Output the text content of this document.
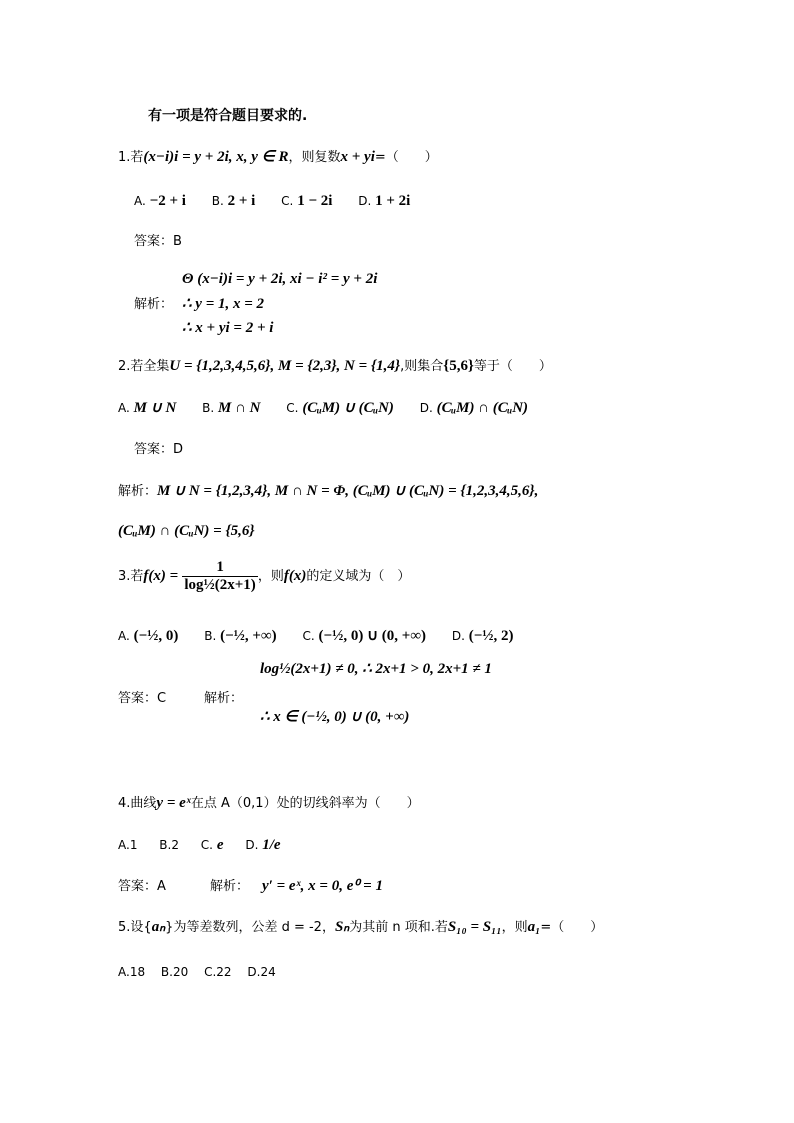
有一项是符合题目要求的.
1.若(x−i)i = y + 2i, x, y ∈ R，则复数x + yi=（　　）
A. −2 + i B. 2 + i C. 1 − 2i D. 1 + 2i
答案：B
Θ (x−i)i = y + 2i, xi − i² = y + 2i
解析： ∴ y = 1, x = 2
∴ x + yi = 2 + i
2.若全集U = {1,2,3,4,5,6}, M = {2,3}, N = {1,4},则集合{5,6}等于（　　）
A. M ∪ N B. M ∩ N C. (CᵤM) ∪ (CᵤN) D. (CᵤM) ∩ (CᵤN)
答案：D
解析：M ∪ N = {1,2,3,4}, M ∩ N = Φ, (CᵤM) ∪ (CᵤN) = {1,2,3,4,5,6},
(CᵤM) ∩ (CᵤN) = {5,6}
3.若$f(x) = \frac{1}{\text{log½(2x+1)}}$ ，则f(x)的定义域为（　）
A. (−½, 0) B. (−½, +∞) C. (−½, 0) ∪ (0, +∞) D. (−½, 2)
log½(2x+1) ≠ 0, ∴ 2x+1 > 0, 2x+1 ≠ 1
答案：C	解析：
∴ x ∈ (−½, 0) ∪ (0, +∞)
4.曲线y = eˣ在点 A（0,1）处的切线斜率为（　　）
A.1 B.2 C. e D. 1/e
答案：A	解析： y′ = eˣ, x = 0, e⁰ = 1
5.设{aₙ}为等差数列，公差 d = -2，Sₙ为其前 n 项和.若S₁₀ = S₁₁，则a₁=（　　）
A.18 B.20 C.22 D.24
